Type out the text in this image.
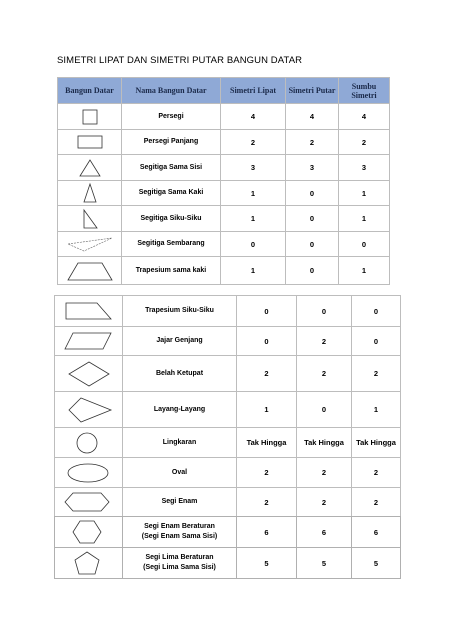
SIMETRI LIPAT DAN SIMETRI PUTAR BANGUN DATAR
Bangun Datar	Nama Bangun Datar	Simetri Lipat	Simetri Putar	Sumbu Simetri

	Persegi	4	4	4

	Persegi Panjang	2	2	2

	Segitiga Sama Sisi	3	3	3

	Segitiga Sama Kaki	1	0	1

	Segitiga Siku-Siku	1	0	1

	Segitiga Sembarang	0	0	0

	Trapesium sama kaki	1	0	1
	Trapesium Siku-Siku	0	0	0

	Jajar Genjang	0	2	0

	Belah Ketupat	2	2	2

	Layang-Layang	1	0	1

	Lingkaran	Tak Hingga	Tak Hingga	Tak Hingga

	Oval	2	2	2

	Segi Enam	2	2	2

Segi Enam Beraturan
(Segi Enam Sama Sisi)	6	6	6

Segi Lima Beraturan
(Segi Lima Sama Sisi)	5	5	5
